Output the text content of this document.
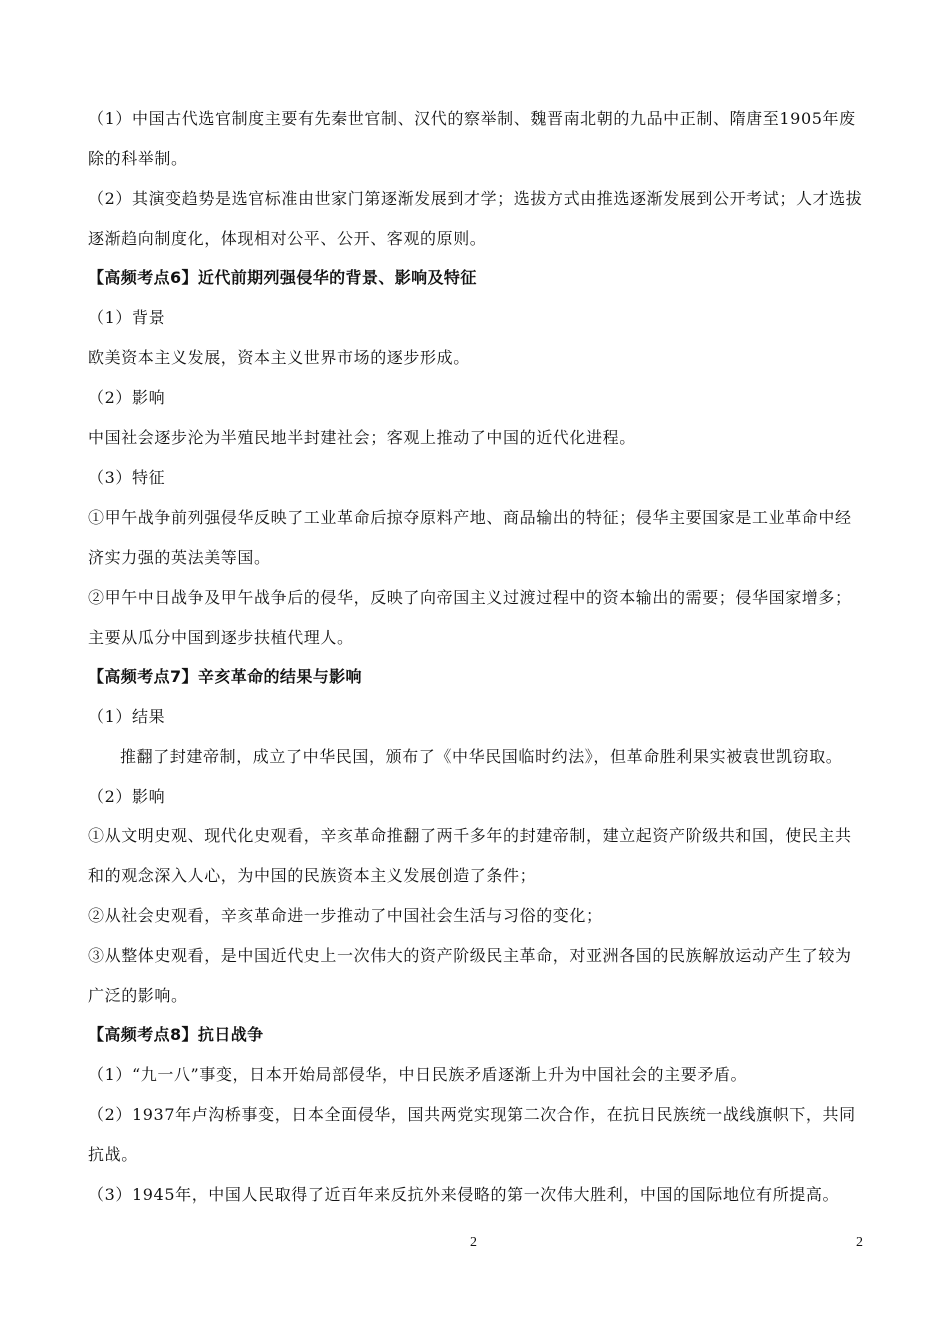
（1）中国古代选官制度主要有先秦世官制、汉代的察举制、魏晋南北朝的九品中正制、隋唐至1905年废
除的科举制。
（2）其演变趋势是选官标准由世家门第逐渐发展到才学；选拔方式由推选逐渐发展到公开考试；人才选拔
逐渐趋向制度化，体现相对公平、公开、客观的原则。
【高频考点6】近代前期列强侵华的背景、影响及特征
（1）背景
欧美资本主义发展，资本主义世界市场的逐步形成。
（2）影响
中国社会逐步沦为半殖民地半封建社会；客观上推动了中国的近代化进程。
（3）特征
①甲午战争前列强侵华反映了工业革命后掠夺原料产地、商品输出的特征；侵华主要国家是工业革命中经
济实力强的英法美等国。
②甲午中日战争及甲午战争后的侵华，反映了向帝国主义过渡过程中的资本输出的需要；侵华国家增多；
主要从瓜分中国到逐步扶植代理人。
【高频考点7】辛亥革命的结果与影响
（1）结果
推翻了封建帝制，成立了中华民国，颁布了《中华民国临时约法》，但革命胜利果实被袁世凯窃取。
（2）影响
①从文明史观、现代化史观看，辛亥革命推翻了两千多年的封建帝制，建立起资产阶级共和国，使民主共
和的观念深入人心，为中国的民族资本主义发展创造了条件；
②从社会史观看，辛亥革命进一步推动了中国社会生活与习俗的变化；
③从整体史观看，是中国近代史上一次伟大的资产阶级民主革命，对亚洲各国的民族解放运动产生了较为
广泛的影响。
【高频考点8】抗日战争
（1）“九一八”事变，日本开始局部侵华，中日民族矛盾逐渐上升为中国社会的主要矛盾。
（2）1937年卢沟桥事变，日本全面侵华，国共两党实现第二次合作，在抗日民族统一战线旗帜下，共同
抗战。
（3）1945年，中国人民取得了近百年来反抗外来侵略的第一次伟大胜利，中国的国际地位有所提高。
2	2
